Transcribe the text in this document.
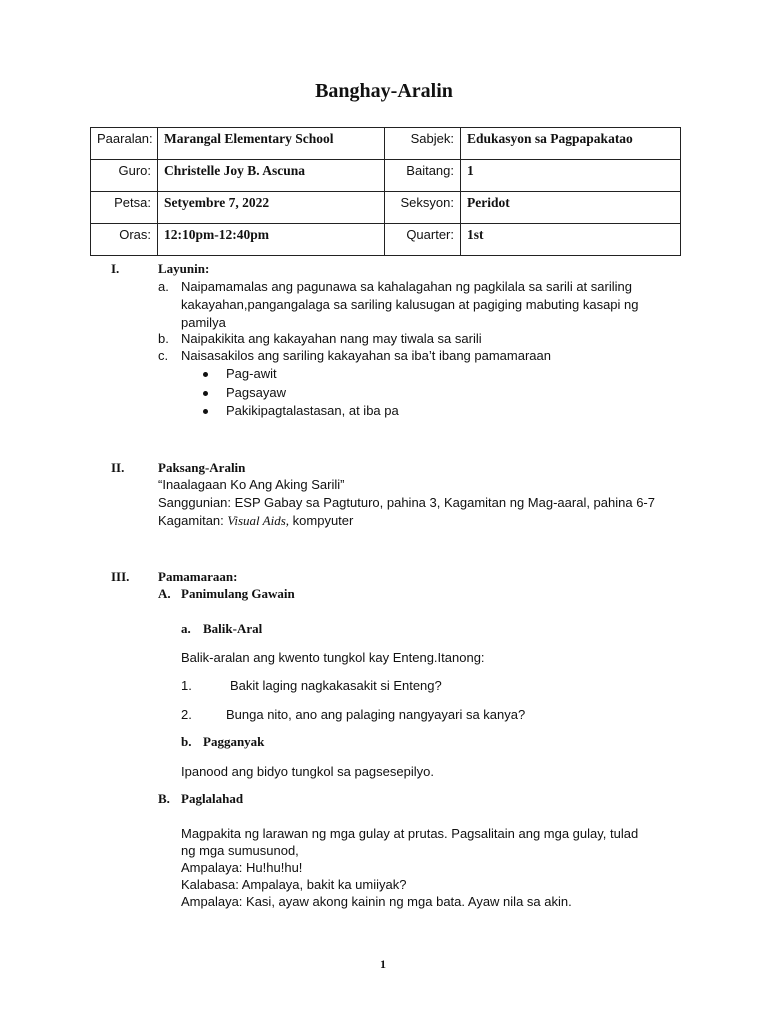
Banghay-Aralin
Paaralan:	Marangal Elementary School	Sabjek:	Edukasyon sa Pagpapakatao
Guro:	Christelle Joy B. Ascuna	Baitang:	1
Petsa:	Setyembre 7, 2022	Seksyon:	Peridot
Oras:	12:10pm-12:40pm	Quarter:	1st
I.	Layunin:
a. Naipamamalas ang pagunawa sa kahalagahan ng pagkilala sa sarili at sariling
kakayahan,pangangalaga sa sariling kalusugan at pagiging mabuting kasapi ng
pamilya
b. Naipakikita ang kakayahan nang may tiwala sa sarili
c. Naisasakilos ang sariling kakayahan sa iba’t ibang pamamaraan
Pag-awit
Pagsayaw
Pakikipagtalastasan, at iba pa
II.	Paksang-Aralin
“Inaalagaan Ko Ang Aking Sarili”
Sanggunian: ESP Gabay sa Pagtuturo, pahina 3, Kagamitan ng Mag-aaral, pahina 6-7
Kagamitan: Visual Aids, kompyuter
III. Pamamaraan:
A. Panimulang Gawain
a. Balik-Aral
Balik-aralan ang kwento tungkol kay Enteng.Itanong:
1.	Bakit laging nagkakasakit si Enteng?
2.	Bunga nito, ano ang palaging nangyayari sa kanya?
b. Pagganyak
Ipanood ang bidyo tungkol sa pagsesepilyo.
B. Paglalahad
Magpakita ng larawan ng mga gulay at prutas. Pagsalitain ang mga gulay, tulad
ng mga sumusunod,
Ampalaya: Hu!hu!hu!
Kalabasa: Ampalaya, bakit ka umiiyak?
Ampalaya: Kasi, ayaw akong kainin ng mga bata. Ayaw nila sa akin.
1
